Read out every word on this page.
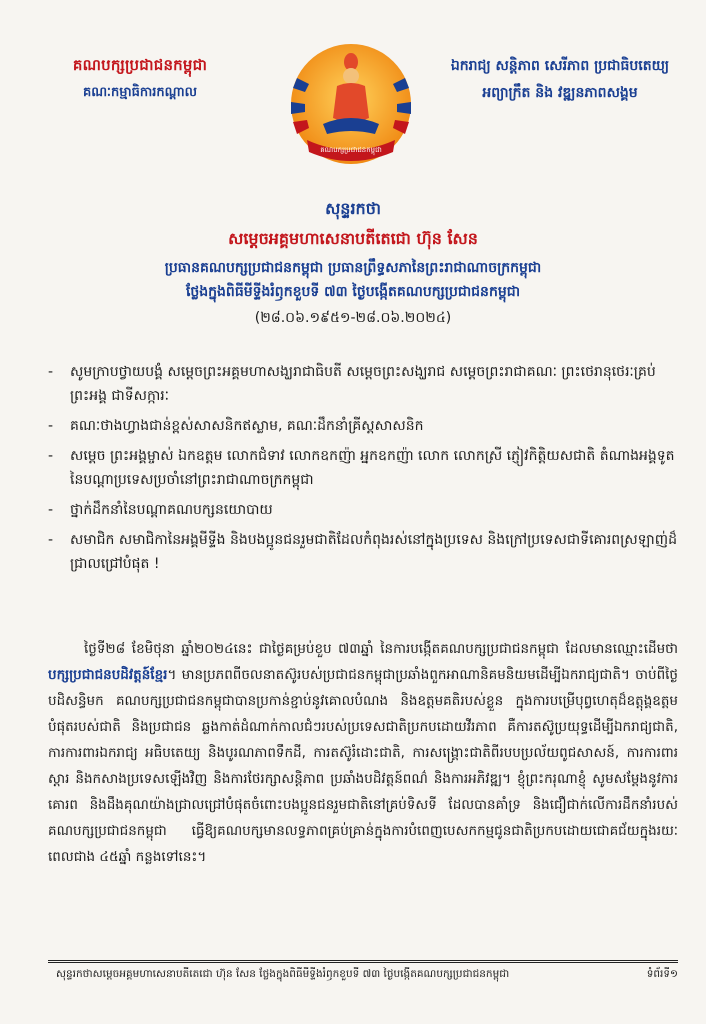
គណបក្សប្រជាជនកម្ពុជា
គណៈកម្មាធិការកណ្តាល
គណបក្សប្រជាជនកម្ពុជា
ឯករាជ្យ សន្តិភាព សេរីភាព ប្រជាធិបតេយ្យ
អព្យាក្រឹត និង វឌ្ឍនភាពសង្គម
សុន្ទរកថា
សម្តេចអគ្គមហាសេនាបតីតេជោ ហ៊ុន សែន
ប្រធានគណបក្សប្រជាជនកម្ពុជា ប្រធានព្រឹទ្ធសភានៃព្រះរាជាណាចក្រកម្ពុជា
ថ្លែងក្នុងពិធីមីទ្ទីងរំឭកខួបទី ៧៣ ថ្ងៃបង្កើតគណបក្សប្រជាជនកម្ពុជា
(២៨.០៦.១៩៥១-២៨.០៦.២០២៤)
- សូមក្រាបថ្វាយបង្គំ សម្តេចព្រះអគ្គមហាសង្ឃរាជាធិបតី សម្តេចព្រះសង្ឃរាជ សម្តេចព្រះរាជាគណៈ ព្រះថេរានុថេរៈគ្រប់ព្រះអង្គ ជាទីសក្ការៈ
- គណៈថាងហ្វាងជាន់ខ្ពស់សាសនិកឥស្លាម, គណៈដឹកនាំគ្រីស្តសាសនិក
- សម្តេច ព្រះអង្គម្ចាស់ ឯកឧត្តម លោកជំទាវ លោកឧកញ៉ា អ្នកឧកញ៉ា លោក លោកស្រី ភ្ញៀវកិត្តិយសជាតិ តំណាងអង្គទូតនៃបណ្តាប្រទេសប្រចាំនៅព្រះរាជាណាចក្រកម្ពុជា
- ថ្នាក់ដឹកនាំនៃបណ្តាគណបក្សនយោបាយ
- សមាជិក សមាជិកានៃអង្គមីទ្ទីង និងបងប្អូនជនរួមជាតិដែលកំពុងរស់នៅក្នុងប្រទេស និងក្រៅប្រទេសជាទីគោរពស្រឡាញ់ដ៏ជ្រាលជ្រៅបំផុត !
ថ្ងៃទី២៨ ខែមិថុនា ឆ្នាំ២០២៤នេះ ជាថ្ងៃគម្រប់ខួប ៧៣ឆ្នាំ នៃការបង្កើតគណបក្សប្រជាជនកម្ពុជា ដែលមានឈ្មោះដើមថា បក្សប្រជាជនបដិវត្តន៍ខ្មែរ។ មានប្រភពពីចលនាតស៊ូរបស់ប្រជាជនកម្ពុជាប្រឆាំងពួកអាណានិគមនិយមដើម្បីឯករាជ្យជាតិ។ ចាប់ពីថ្ងៃបដិសន្ធិមក គណបក្សប្រជាជនកម្ពុជាបានប្រកាន់ខ្ជាប់នូវគោលបំណង និងឧត្តមគតិរបស់ខ្លួន ក្នុងការបម្រើបុព្វហេតុដ៏ឧត្តុង្គឧត្តមបំផុតរបស់ជាតិ និងប្រជាជន ឆ្លងកាត់ដំណាក់កាលជំៗរបស់ប្រទេសជាតិប្រកបដោយវីរភាព គឺការតស៊ូប្រយុទ្ធដើម្បីឯករាជ្យជាតិ, ការការពារឯករាជ្យ អធិបតេយ្យ និងបូរណភាពទឹកដី, ការតស៊ូរំដោះជាតិ, ការសង្គ្រោះជាតិពីរបបប្រល័យពូជសាសន៍, ការការពារ ស្តារ និងកសាងប្រទេសឡើងវិញ និងការថែរក្សាសន្តិភាព ប្រឆាំងបដិវត្តន៍ពណ៌ និងការអភិវឌ្ឍ។ ខ្ញុំព្រះករុណាខ្ញុំ សូមសម្តែងនូវការគោរព និងដឹងគុណយ៉ាងជ្រាលជ្រៅបំផុតចំពោះបងប្អូនជនរួមជាតិនៅគ្រប់ទិសទី ដែលបានគាំទ្រ និងជឿជាក់លើការដឹកនាំរបស់គណបក្សប្រជាជនកម្ពុជា ធ្វើឱ្យគណបក្សមានលទ្ធភាពគ្រប់គ្រាន់ក្នុងការបំពេញបេសកកម្មជូនជាតិប្រកបដោយជោគជ័យក្នុងរយៈពេលជាង ៤៥ឆ្នាំ កន្លងទៅនេះ។
សុន្ទរកថាសម្តេចអគ្គមហាសេនាបតីតេជោ ហ៊ុន សែន ថ្លែងក្នុងពិធីមីទ្ទីងរំឭកខួបទី ៧៣ ថ្ងៃបង្កើតគណបក្សប្រជាជនកម្ពុជា	ទំព័រទី១
